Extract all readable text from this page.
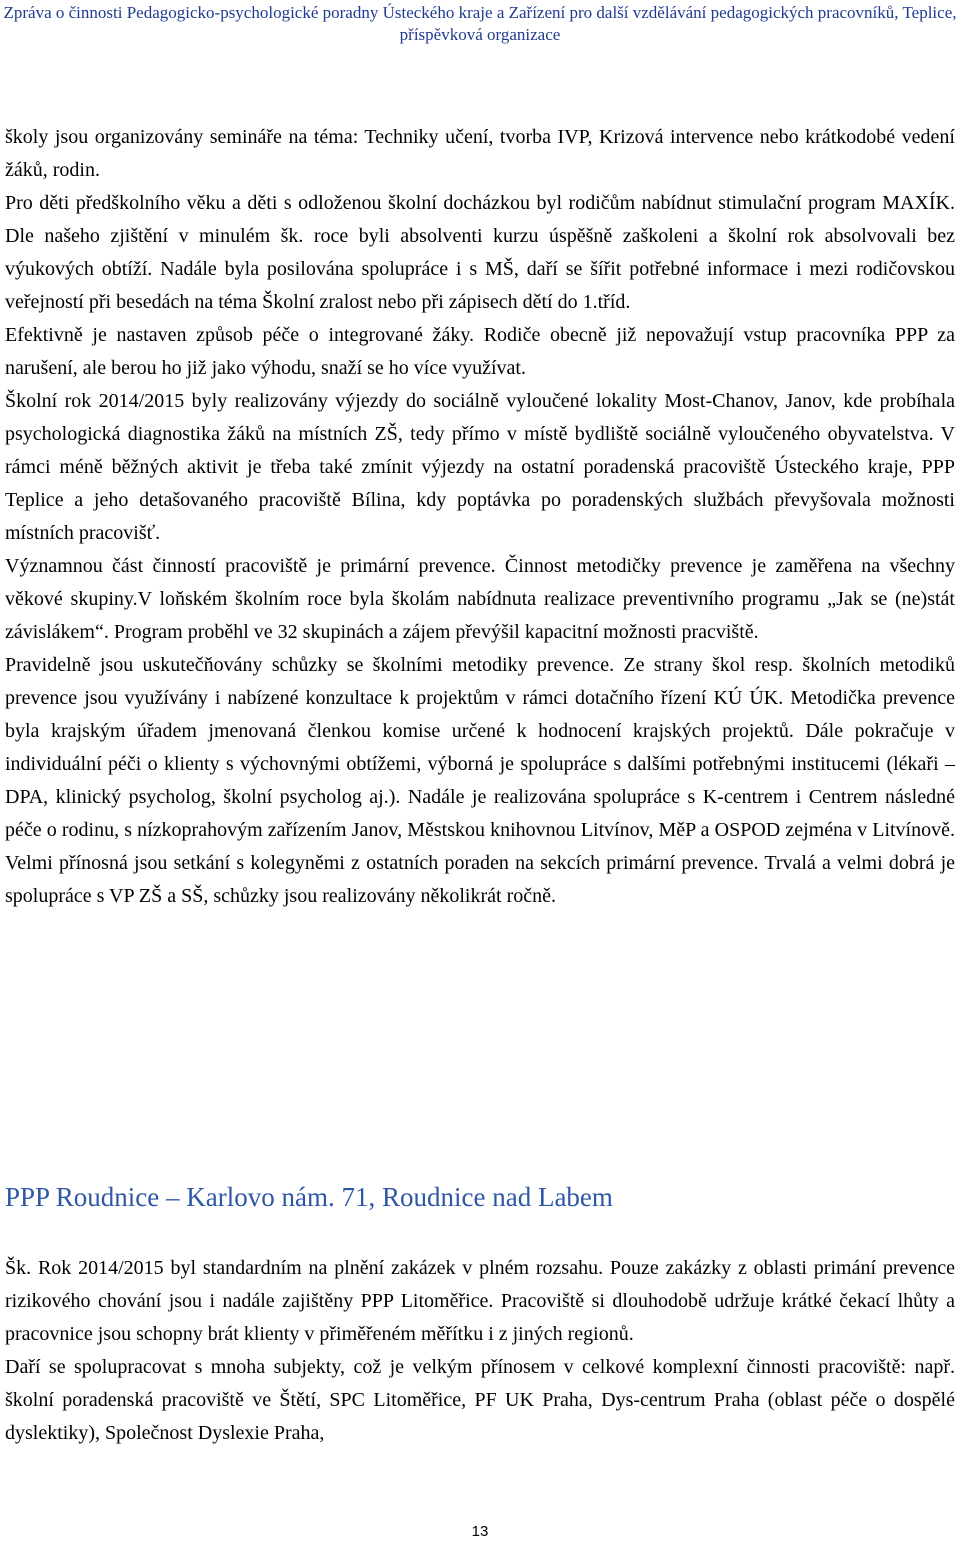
Zpráva o činnosti Pedagogicko-psychologické poradny Ústeckého kraje a Zařízení pro další vzdělávání pedagogických pracovníků, Teplice,
příspěvková organizace

školy jsou organizovány semináře na téma: Techniky učení, tvorba IVP, Krizová intervence nebo krátkodobé vedení žáků, rodin.

Pro děti předškolního věku a děti s odloženou školní docházkou byl rodičům nabídnut stimulační program MAXÍK. Dle našeho zjištění v minulém šk. roce byli absolventi kurzu úspěšně zaškoleni a školní rok absolvovali bez výukových obtíží. Nadále byla posilována spolupráce i s MŠ, daří se šířit potřebné informace i mezi rodičovskou veřejností při besedách na téma Školní zralost nebo při zápisech dětí do 1.tříd.

Efektivně je nastaven způsob péče o integrované žáky. Rodiče obecně již nepovažují vstup pracovníka PPP za narušení, ale berou ho již jako výhodu, snaží se ho více využívat.

Školní rok 2014/2015 byly realizovány výjezdy do sociálně vyloučené lokality Most-Chanov, Janov, kde probíhala psychologická diagnostika žáků na místních ZŠ, tedy přímo v místě bydliště sociálně vyloučeného obyvatelstva. V rámci méně běžných aktivit je třeba také zmínit výjezdy na ostatní poradenská pracoviště Ústeckého kraje, PPP Teplice a jeho detašovaného pracoviště Bílina, kdy poptávka po poradenských službách převyšovala možnosti místních pracovišť.

Významnou část činností pracoviště je primární prevence. Činnost metodičky prevence je zaměřena na všechny věkové skupiny.V loňském školním roce byla školám nabídnuta realizace preventivního programu „Jak se (ne)stát závislákem“. Program proběhl ve 32 skupinách a zájem převýšil kapacitní možnosti pracviště.

Pravidelně jsou uskutečňovány schůzky se školními metodiky prevence. Ze strany škol resp. školních metodiků prevence jsou využívány i nabízené konzultace k projektům v rámci dotačního řízení KÚ ÚK. Metodička prevence byla krajským úřadem jmenovaná členkou komise určené k hodnocení krajských projektů. Dále pokračuje v individuální péči o klienty s výchovnými obtížemi, výborná je spolupráce s dalšími potřebnými institucemi (lékaři – DPA, klinický psycholog, školní psycholog aj.). Nadále je realizována spolupráce s K-centrem i Centrem následné péče o rodinu, s nízkoprahovým zařízením Janov, Městskou knihovnou Litvínov, MěP a OSPOD zejména v Litvínově. Velmi přínosná jsou setkání s kolegyněmi z ostatních poraden na sekcích primární prevence. Trvalá a velmi dobrá je spolupráce s VP ZŠ a SŠ, schůzky jsou realizovány několikrát ročně.

PPP Roudnice – Karlovo nám. 71, Roudnice nad Labem

Šk. Rok 2014/2015 byl standardním na plnění zakázek v plném rozsahu. Pouze zakázky z oblasti primání prevence rizikového chování jsou i nadále zajištěny PPP Litoměřice. Pracoviště si dlouhodobě udržuje krátké čekací lhůty a pracovnice jsou schopny brát klienty v přiměřeném měřítku i z jiných regionů.

Daří se spolupracovat s mnoha subjekty, což je velkým přínosem v celkové komplexní činnosti pracoviště: např. školní poradenská pracoviště ve Štětí, SPC Litoměřice, PF UK Praha, Dys-centrum Praha (oblast péče o dospělé dyslektiky), Společnost Dyslexie Praha,

13
